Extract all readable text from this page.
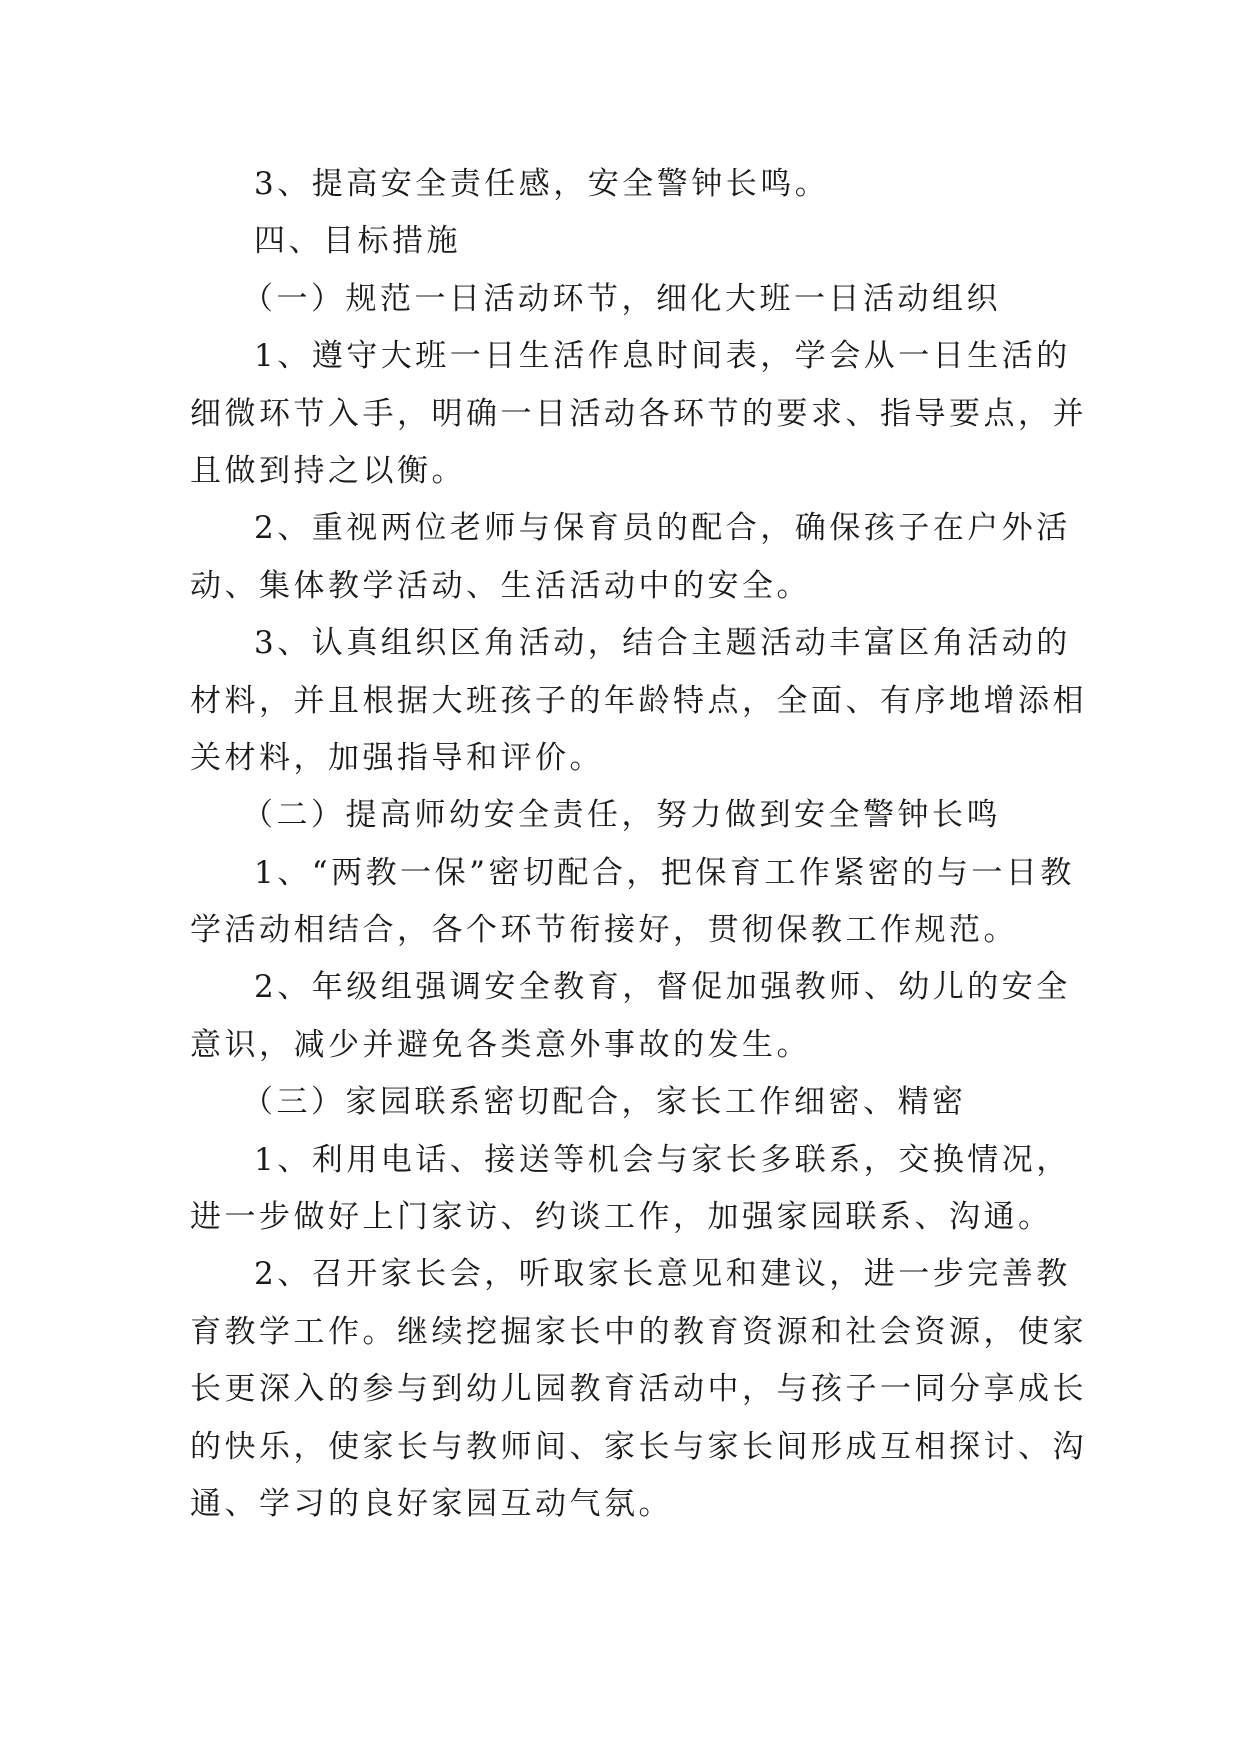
3、提高安全责任感，安全警钟长鸣。
四、目标措施
（一）规范一日活动环节，细化大班一日活动组织
1、遵守大班一日生活作息时间表，学会从一日生活的
细微环节入手，明确一日活动各环节的要求、指导要点，并
且做到持之以衡。
2、重视两位老师与保育员的配合，确保孩子在户外活
动、集体教学活动、生活活动中的安全。
3、认真组织区角活动，结合主题活动丰富区角活动的
材料，并且根据大班孩子的年龄特点，全面、有序地增添相
关材料，加强指导和评价。
（二）提高师幼安全责任，努力做到安全警钟长鸣
1、“两教一保”密切配合，把保育工作紧密的与一日教
学活动相结合，各个环节衔接好，贯彻保教工作规范。
2、年级组强调安全教育，督促加强教师、幼儿的安全
意识，减少并避免各类意外事故的发生。
（三）家园联系密切配合，家长工作细密、精密
1、利用电话、接送等机会与家长多联系，交换情况，
进一步做好上门家访、约谈工作，加强家园联系、沟通。
2、召开家长会，听取家长意见和建议，进一步完善教
育教学工作。继续挖掘家长中的教育资源和社会资源，使家
长更深入的参与到幼儿园教育活动中，与孩子一同分享成长
的快乐，使家长与教师间、家长与家长间形成互相探讨、沟
通、学习的良好家园互动气氛。
